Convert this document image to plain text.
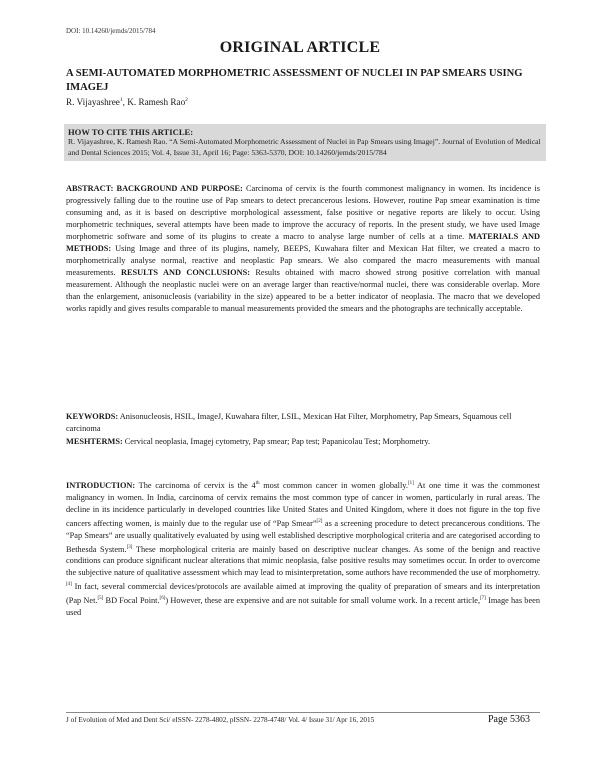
DOI: 10.14260/jemds/2015/784
ORIGINAL ARTICLE
A SEMI-AUTOMATED MORPHOMETRIC ASSESSMENT OF NUCLEI IN PAP SMEARS USING IMAGEJ
R. Vijayashree$^1$, K. Ramesh Rao$^2$
HOW TO CITE THIS ARTICLE:
R. Vijayashree, K. Ramesh Rao. “A Semi-Automated Morphometric Assessment of Nuclei in Pap Smears using Imagej”. Journal of Evolution of Medical and Dental Sciences 2015; Vol. 4, Issue 31, April 16; Page: 5363-5370, DOI: 10.14260/jemds/2015/784
ABSTRACT: BACKGROUND AND PURPOSE: Carcinoma of cervix is the fourth commonest malignancy in women. Its incidence is progressively falling due to the routine use of Pap smears to detect precancerous lesions. However, routine Pap smear examination is time consuming and, as it is based on descriptive morphological assessment, false positive or negative reports are likely to occur. Using morphometric techniques, several attempts have been made to improve the accuracy of reports. In the present study, we have used Image morphometric software and some of its plugins to create a macro to analyse large number of cells at a time. MATERIALS AND METHODS: Using Image and three of its plugins, namely, BEEPS, Kuwahara filter and Mexican Hat filter, we created a macro to morphometrically analyse normal, reactive and neoplastic Pap smears. We also compared the macro measurements with manual measurements. RESULTS AND CONCLUSIONS: Results obtained with macro showed strong positive correlation with manual measurement. Although the neoplastic nuclei were on an average larger than reactive/normal nuclei, there was considerable overlap. More than the enlargement, anisonucleosis (variability in the size) appeared to be a better indicator of neoplasia. The macro that we developed works rapidly and gives results comparable to manual measurements provided the smears and the photographs are technically acceptable.
KEYWORDS: Anisonucleosis, HSIL, ImageJ, Kuwahara filter, LSIL, Mexican Hat Filter, Morphometry, Pap Smears, Squamous cell carcinoma
MESHTERMS: Cervical neoplasia, Imagej cytometry, Pap smear; Pap test; Papanicolau Test; Morphometry.
INTRODUCTION: The carcinoma of cervix is the 4th most common cancer in women globally.[1] At one time it was the commonest malignancy in women. In India, carcinoma of cervix remains the most common type of cancer in women, particularly in rural areas. The decline in its incidence particularly in developed countries like United States and United Kingdom, where it does not figure in the top five cancers affecting women, is mainly due to the regular use of “Pap Smear”[2] as a screening procedure to detect precancerous conditions. The “Pap Smears” are usually qualitatively evaluated by using well established descriptive morphological criteria and are categorised according to Bethesda System.[3] These morphological criteria are mainly based on descriptive nuclear changes. As some of the benign and reactive conditions can produce significant nuclear alterations that mimic neoplasia, false positive results may sometimes occur. In order to overcome the subjective nature of qualitative assessment which may lead to misinterpretation, some authors have recommended the use of morphometry.[4] In fact, several commercial devices/protocols are available aimed at improving the quality of preparation of smears and its interpretation (Pap Net.[5] BD Focal Point.[6]) However, these are expensive and are not suitable for small volume work. In a recent article,[7] Image has been used
J of Evolution of Med and Dent Sci/ eISSN- 2278-4802, pISSN- 2278-4748/ Vol. 4/ Issue 31/ Apr 16, 2015	Page 5363
